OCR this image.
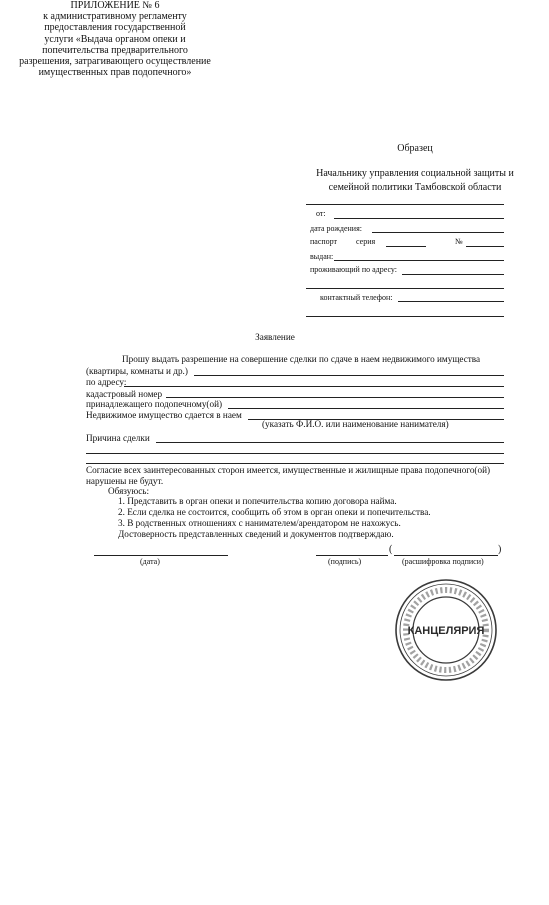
ПРИЛОЖЕНИЕ № 6
к административному регламенту
предоставления государственной
услуги «Выдача органом опеки и
попечительства предварительного
разрешения, затрагивающего осуществление
имущественных прав подопечного»
Образец
Начальнику управления социальной защиты и
семейной политики Тамбовской области
от:
дата рождения:
паспорт серия	№
выдан:
проживающий по адресу:
контактный телефон:
Заявление
Прошу выдать разрешение на совершение сделки по сдаче в наем недвижимого имущества
(квартиры, комнаты и др.)
по адресу:
кадастровый номер
принадлежащего подопечному(ой)
Недвижимое имущество сдается в наем
(указать Ф.И.О. или наименование нанимателя)
Причина сделки
Согласие всех заинтересованных сторон имеется, имущественные и жилищные права подопечного(ой)
нарушены не будут.
Обязуюсь:
1. Представить в орган опеки и попечительства копию договора найма.
2. Если сделка не состоится, сообщить об этом в орган опеки и попечительства.
3. В родственных отношениях с нанимателем/арендатором не нахожусь.
Достоверность представленных сведений и документов подтверждаю.
(дата)	(подпись)
(	)
(расшифровка подписи)
КАНЦЕЛЯРИЯ
